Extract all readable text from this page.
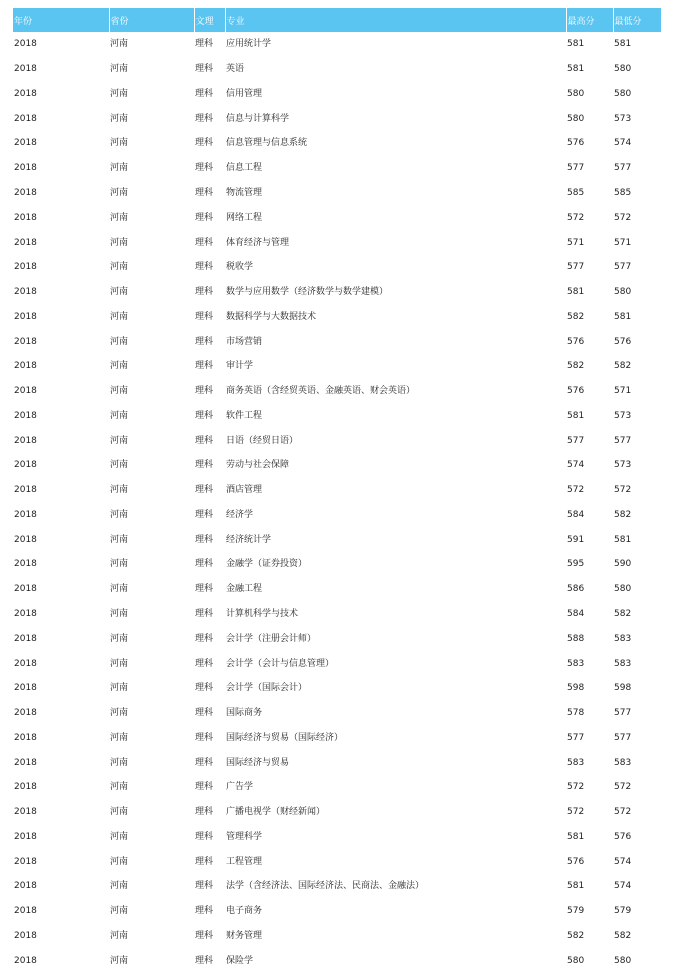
年份	省份	文理	专业	最高分	最低分
2018	河南	理科	应用统计学	581	581
2018	河南	理科	英语	581	580
2018	河南	理科	信用管理	580	580
2018	河南	理科	信息与计算科学	580	573
2018	河南	理科	信息管理与信息系统	576	574
2018	河南	理科	信息工程	577	577
2018	河南	理科	物流管理	585	585
2018	河南	理科	网络工程	572	572
2018	河南	理科	体育经济与管理	571	571
2018	河南	理科	税收学	577	577
2018	河南	理科	数学与应用数学（经济数学与数学建模）	581	580
2018	河南	理科	数据科学与大数据技术	582	581
2018	河南	理科	市场营销	576	576
2018	河南	理科	审计学	582	582
2018	河南	理科	商务英语（含经贸英语、金融英语、财会英语）	576	571
2018	河南	理科	软件工程	581	573
2018	河南	理科	日语（经贸日语）	577	577
2018	河南	理科	劳动与社会保障	574	573
2018	河南	理科	酒店管理	572	572
2018	河南	理科	经济学	584	582
2018	河南	理科	经济统计学	591	581
2018	河南	理科	金融学（证券投资）	595	590
2018	河南	理科	金融工程	586	580
2018	河南	理科	计算机科学与技术	584	582
2018	河南	理科	会计学（注册会计师）	588	583
2018	河南	理科	会计学（会计与信息管理）	583	583
2018	河南	理科	会计学（国际会计）	598	598
2018	河南	理科	国际商务	578	577
2018	河南	理科	国际经济与贸易（国际经济）	577	577
2018	河南	理科	国际经济与贸易	583	583
2018	河南	理科	广告学	572	572
2018	河南	理科	广播电视学（财经新闻）	572	572
2018	河南	理科	管理科学	581	576
2018	河南	理科	工程管理	576	574
2018	河南	理科	法学（含经济法、国际经济法、民商法、金融法）	581	574
2018	河南	理科	电子商务	579	579
2018	河南	理科	财务管理	582	582
2018	河南	理科	保险学	580	580
